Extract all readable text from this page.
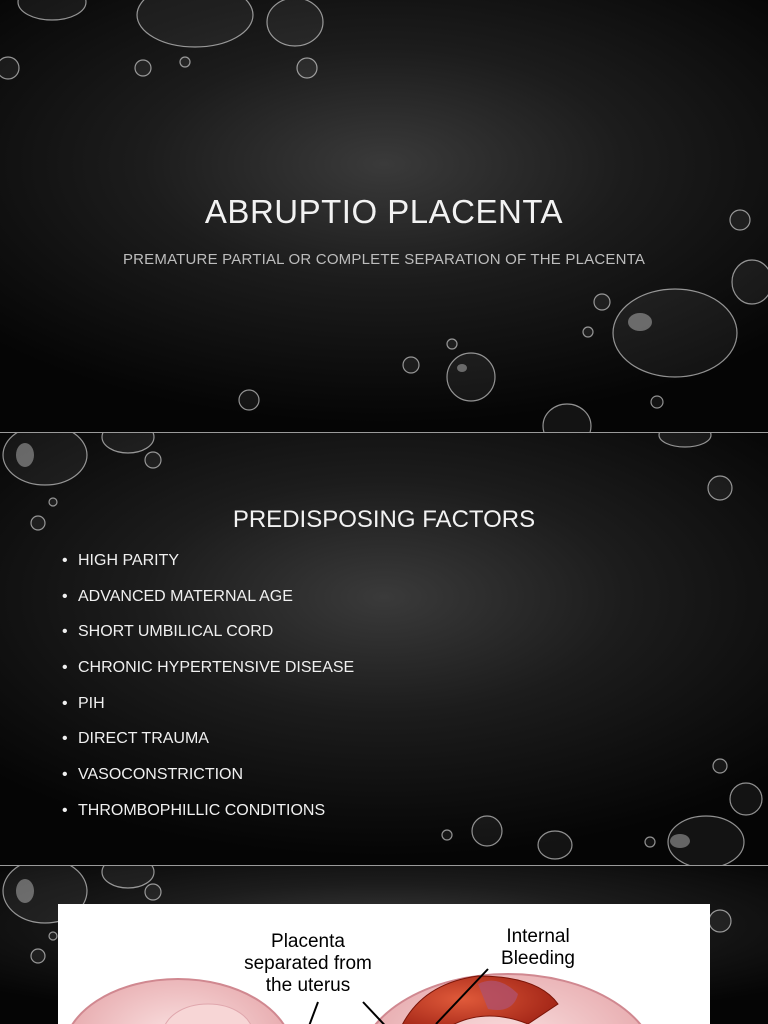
ABRUPTIO PLACENTA
PREMATURE PARTIAL OR COMPLETE SEPARATION OF THE PLACENTA
PREDISPOSING FACTORS
• HIGH PARITY
• ADVANCED MATERNAL AGE
• SHORT UMBILICAL CORD
• CHRONIC HYPERTENSIVE DISEASE
• PIH
• DIRECT TRAUMA
• VASOCONSTRICTION
• THROMBOPHILLIC CONDITIONS
Placenta
separated from
the uterus
Internal
Bleeding
